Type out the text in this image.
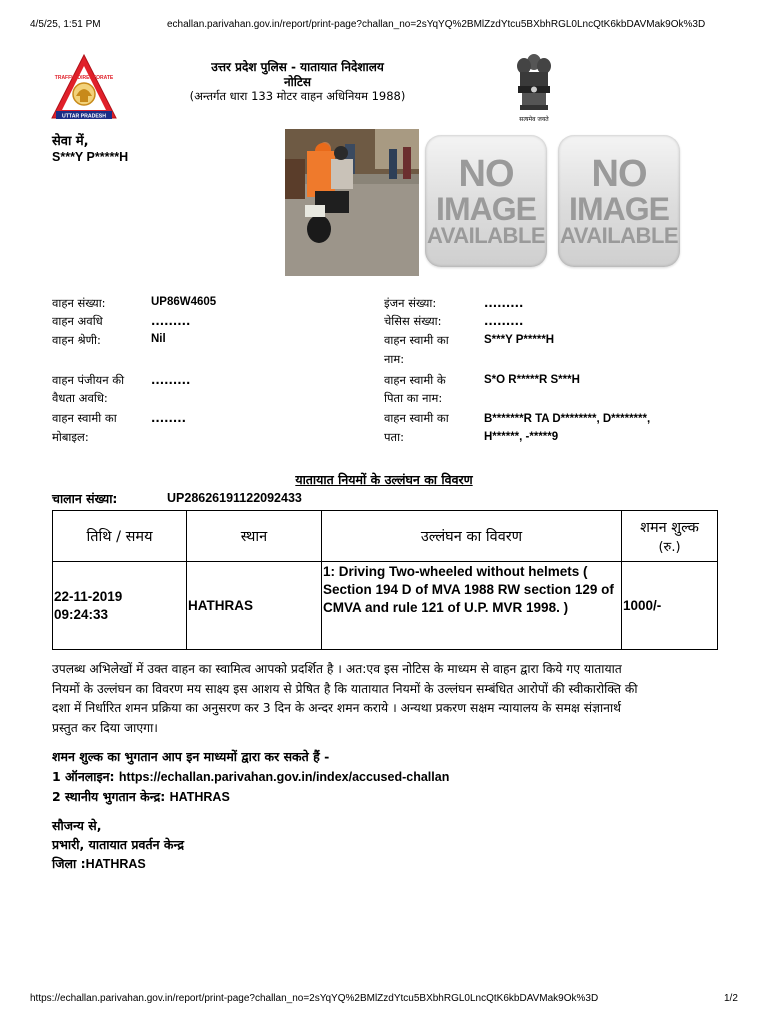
4/5/25, 1:51 PM	echallan.parivahan.gov.in/report/print-page?challan_no=2sYqYQ%2BMlZzdYtcu5BXbhRGL0LncQtK6kbDAVMak9Ok%3D
TRAFFIC DIRECTORATE
UTTAR PRADESH
उत्तर प्रदेश पुलिस - यातायात निदेशालय
नोटिस
(अन्तर्गत धारा 133 मोटर वाहन अधिनियम 1988)
सत्यमेव जयते
सेवा में,
S***Y P*****H	NO
IMAGE
AVAILABLE
NO
IMAGE
AVAILABLE
वाहन संख्या:	UP86W4605
वाहन अवधि	.........
वाहन श्रेणी:	Nil
वाहन पंजीयन की
वैधता अवधि:
.........
वाहन स्वामी का
मोबाइल:
........
इंजन संख्या:	.........
चेसिस संख्या:	.........
वाहन स्वामी का
नाम:
S***Y P*****H
वाहन स्वामी के
पिता का नाम:
S*O R*****R S***H
वाहन स्वामी का
पता:
B*******R TA D********, D********,
H******, -*****9
यातायात नियमों के उल्लंघन का विवरण
चालान संख्या:	UP28626191122092433
तिथि / समय	स्थान	उल्लंघन का विवरण	शमन शुल्क
(रु.)

22-11-2019
09:24:33	HATHRAS	1: Driving Two-wheeled without helmets ( Section 194 D of MVA 1988 RW section 129 of CMVA and rule 121 of U.P. MVR 1998. )	1000/-
उपलब्ध अभिलेखों में उक्त वाहन का स्वामित्व आपको प्रदर्शित है । अत:एव इस नोटिस के माध्यम से वाहन द्वारा किये गए यातायात
नियमों के उल्लंघन का विवरण मय साक्ष्य इस आशय से प्रेषित है कि यातायात नियमों के उल्लंघन सम्बंधित आरोपों की स्वीकारोक्ति की
दशा में निर्धारित शमन प्रक्रिया का अनुसरण कर 3 दिन के अन्दर शमन कराये । अन्यथा प्रकरण सक्षम न्यायालय के समक्ष संज्ञानार्थ
प्रस्तुत कर दिया जाएगा।
शमन शुल्क का भुगतान आप इन माध्यमों द्वारा कर सकते हैं -
1 ऑनलाइन: https://echallan.parivahan.gov.in/index/accused-challan
2 स्थानीय भुगतान केन्द्र: HATHRAS
सौजन्य से,
प्रभारी, यातायात प्रवर्तन केन्द्र
जिला :HATHRAS
https://echallan.parivahan.gov.in/report/print-page?challan_no=2sYqYQ%2BMlZzdYtcu5BXbhRGL0LncQtK6kbDAVMak9Ok%3D	1/2
